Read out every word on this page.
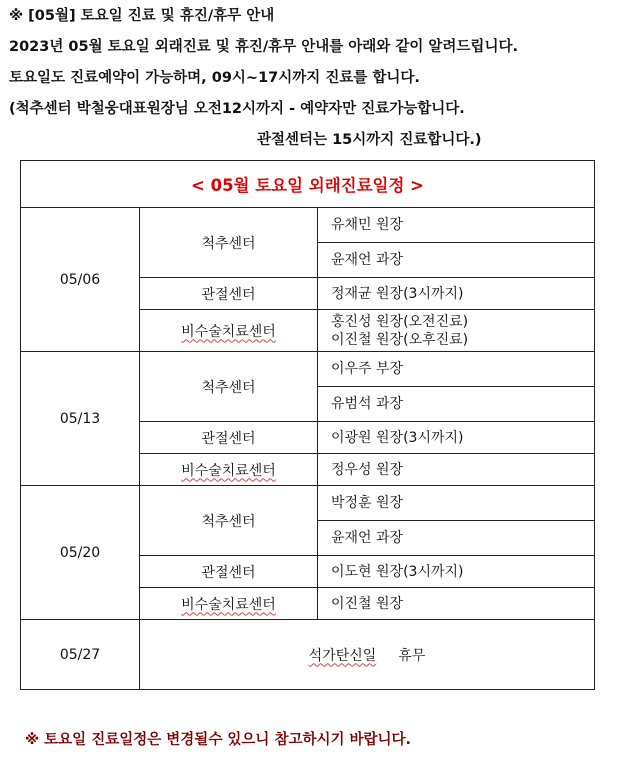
※ [05월] 토요일 진료 및 휴진/휴무 안내
2023년 05월 토요일 외래진료 및 휴진/휴무 안내를 아래와 같이 알려드립니다.
토요일도 진료예약이 가능하며, 09시~17시까지 진료를 합니다.
(척추센터 박철웅대표원장님 오전12시까지 - 예약자만 진료가능합니다.
관절센터는 15시까지 진료합니다.)
< 05월 토요일 외래진료일정 >		
05/06	척추센터	유채민 원장
		윤재언 과장
	관절센터	정재균 원장(3시까지)
	비수술치료센터	홍진성 원장(오전진료)
이진철 원장(오후진료)

05/13	척추센터	이우주 부장
		유범석 과장
	관절센터	이광원 원장(3시까지)
	비수술치료센터	정우성 원장
05/20	척추센터	박정훈 원장
		윤재언 과장
	관절센터	이도현 원장(3시까지)
	비수술치료센터	이진철 원장
05/27	석가탄신일 휴무	
※ 토요일 진료일정은 변경될수 있으니 참고하시기 바랍니다.
